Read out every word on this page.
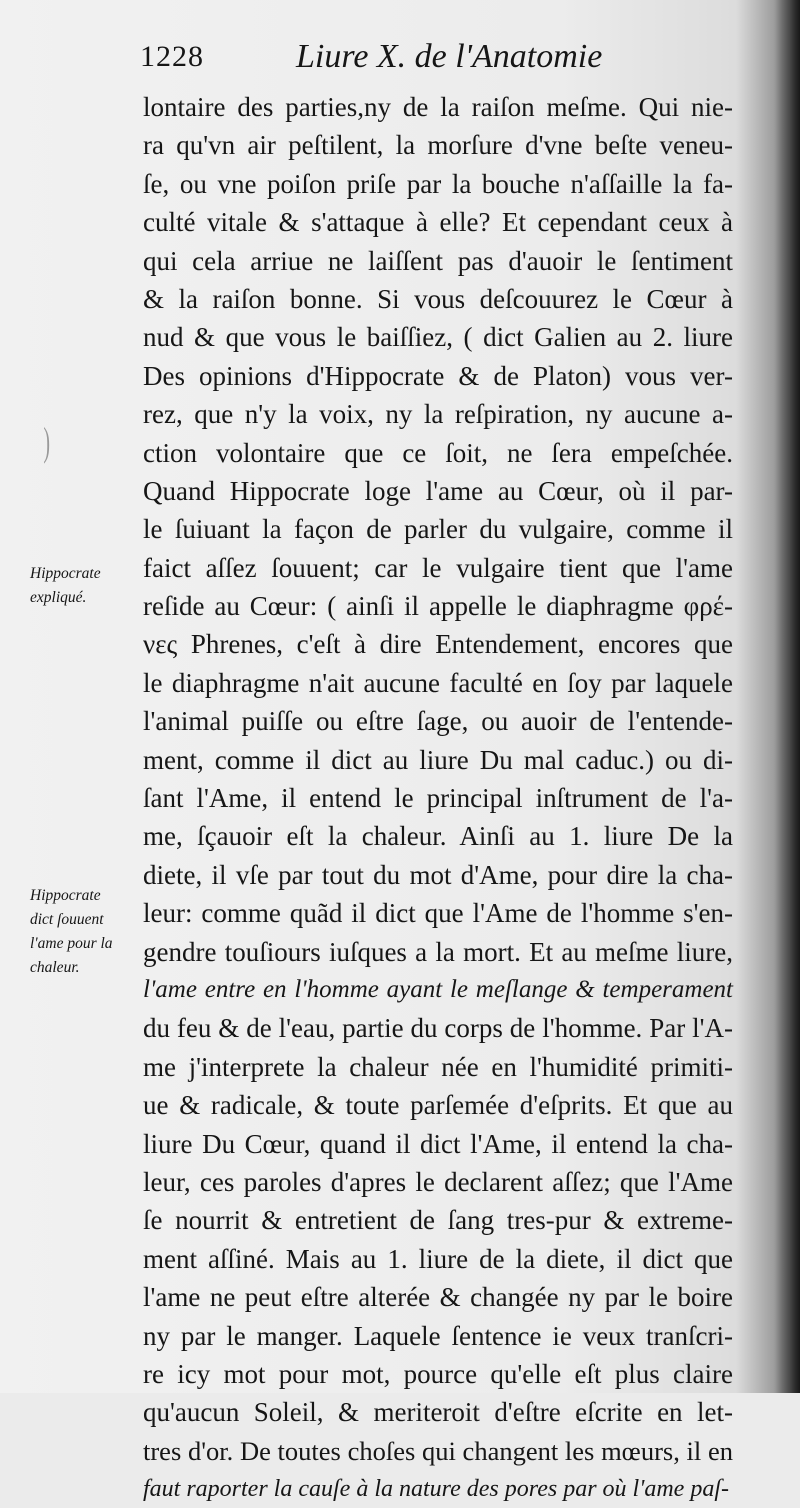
1228	Liure X. de l'Anatomie
)
Hippocrate
expliqué.
Hippocrate
dict ſouuent
l'ame pour la
chaleur.
lontaire des parties,ny de la raiſon meſme. Qui nie-
ra qu'vn air peſtilent, la morſure d'vne beſte veneu-
ſe, ou vne poiſon priſe par la bouche n'aſſaille la fa-
culté vitale & s'attaque à elle? Et cependant ceux à
qui cela arriue ne laiſſent pas d'auoir le ſentiment
& la raiſon bonne. Si vous deſcouurez le Cœur à
nud & que vous le baiſſiez, ( dict Galien au 2. liure
Des opinions d'Hippocrate & de Platon) vous ver-
rez, que n'y la voix, ny la reſpiration, ny aucune a-
ction volontaire que ce ſoit, ne ſera empeſchée.
Quand Hippocrate loge l'ame au Cœur, où il par-
le ſuiuant la façon de parler du vulgaire, comme il
faict aſſez ſouuent; car le vulgaire tient que l'ame
reſide au Cœur: ( ainſi il appelle le diaphragme φρέ-
νες Phrenes, c'eſt à dire Entendement, encores que
le diaphragme n'ait aucune faculté en ſoy par laquele
l'animal puiſſe ou eſtre ſage, ou auoir de l'entende-
ment, comme il dict au liure Du mal caduc.) ou di-
ſant l'Ame, il entend le principal inſtrument de l'a-
me, ſçauoir eſt la chaleur. Ainſi au 1. liure De la
diete, il vſe par tout du mot d'Ame, pour dire la cha-
leur: comme quãd il dict que l'Ame de l'homme s'en-
gendre touſiours iuſques a la mort. Et au meſme liure,
l'ame entre en l'homme ayant le meſlange & temperament
du feu & de l'eau, partie du corps de l'homme. Par l'A-
me j'interprete la chaleur née en l'humidité primiti-
ue & radicale, & toute parſemée d'eſprits. Et que au
liure Du Cœur, quand il dict l'Ame, il entend la cha-
leur, ces paroles d'apres le declarent aſſez; que l'Ame
ſe nourrit & entretient de ſang tres-pur & extreme-
ment aſſiné. Mais au 1. liure de la diete, il dict que
l'ame ne peut eſtre alterée & changée ny par le boire
ny par le manger. Laquele ſentence ie veux tranſcri-
re icy mot pour mot, pource qu'elle eſt plus claire
qu'aucun Soleil, & meriteroit d'eſtre eſcrite en let-
tres d'or. De toutes choſes qui changent les mœurs, il en
faut raporter la cauſe à la nature des pores par où l'ame paſ-
